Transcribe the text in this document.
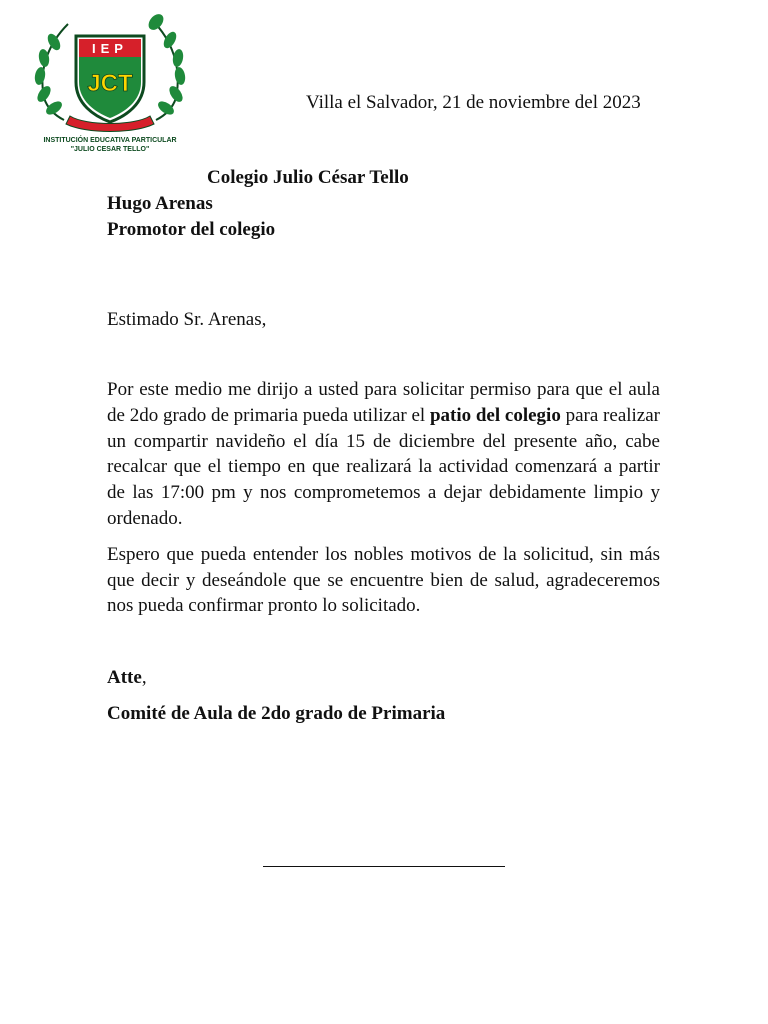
IEP
JCT
INSTITUCIÓN EDUCATIVA PARTICULAR
"JULIO CESAR TELLO"
Villa el Salvador, 21 de noviembre del 2023
Colegio Julio César Tello
Hugo Arenas
Promotor del colegio
Estimado Sr. Arenas,

Por este medio me dirijo a usted para solicitar permiso para que el aula de 2do grado de primaria pueda utilizar el patio del colegio para realizar un compartir navideño el día 15 de diciembre del presente año, cabe recalcar que el tiempo en que realizará la actividad comenzará a partir de las 17:00 pm y nos comprometemos a dejar debidamente limpio y ordenado.

Espero que pueda entender los nobles motivos de la solicitud, sin más que decir y deseándole que se encuentre bien de salud, agradeceremos nos pueda confirmar pronto lo solicitado.

Atte,
Comité de Aula de 2do grado de Primaria
